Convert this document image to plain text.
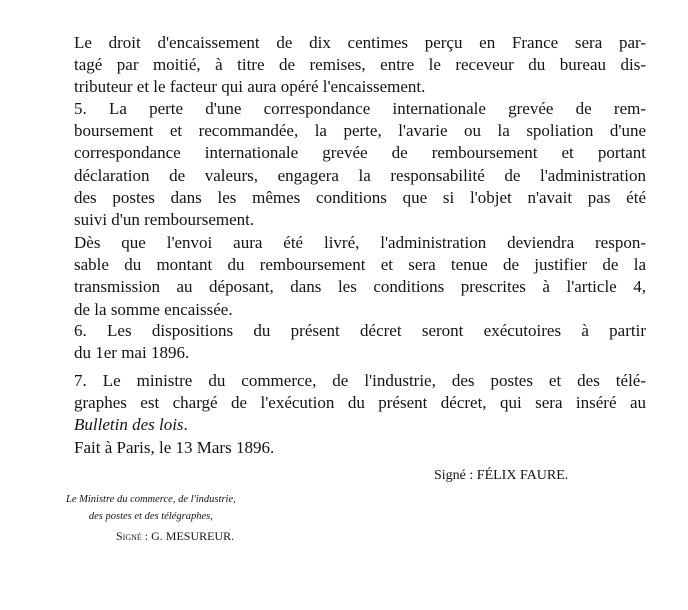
Le droit d'encaissement de dix centimes perçu en France sera par-
tagé par moitié, à titre de remises, entre le receveur du bureau dis-
tributeur et le facteur qui aura opéré l'encaissement.
5. La perte d'une correspondance internationale grevée de rem-
boursement et recommandée, la perte, l'avarie ou la spoliation d'une
correspondance internationale grevée de remboursement et portant
déclaration de valeurs, engagera la responsabilité de l'administration
des postes dans les mêmes conditions que si l'objet n'avait pas été
suivi d'un remboursement.
Dès que l'envoi aura été livré, l'administration deviendra respon-
sable du montant du remboursement et sera tenue de justifier de la
transmission au déposant, dans les conditions prescrites à l'article 4,
de la somme encaissée.
6. Les dispositions du présent décret seront exécutoires à partir
du 1er mai 1896.
7. Le ministre du commerce, de l'industrie, des postes et des télé-
graphes est chargé de l'exécution du présent décret, qui sera inséré au
Bulletin des lois.
Fait à Paris, le 13 Mars 1896.
Signé : FÉLIX FAURE.
Le Ministre du commerce, de l'industrie,
des postes et des télégraphes,
Signé : G. MESUREUR.
